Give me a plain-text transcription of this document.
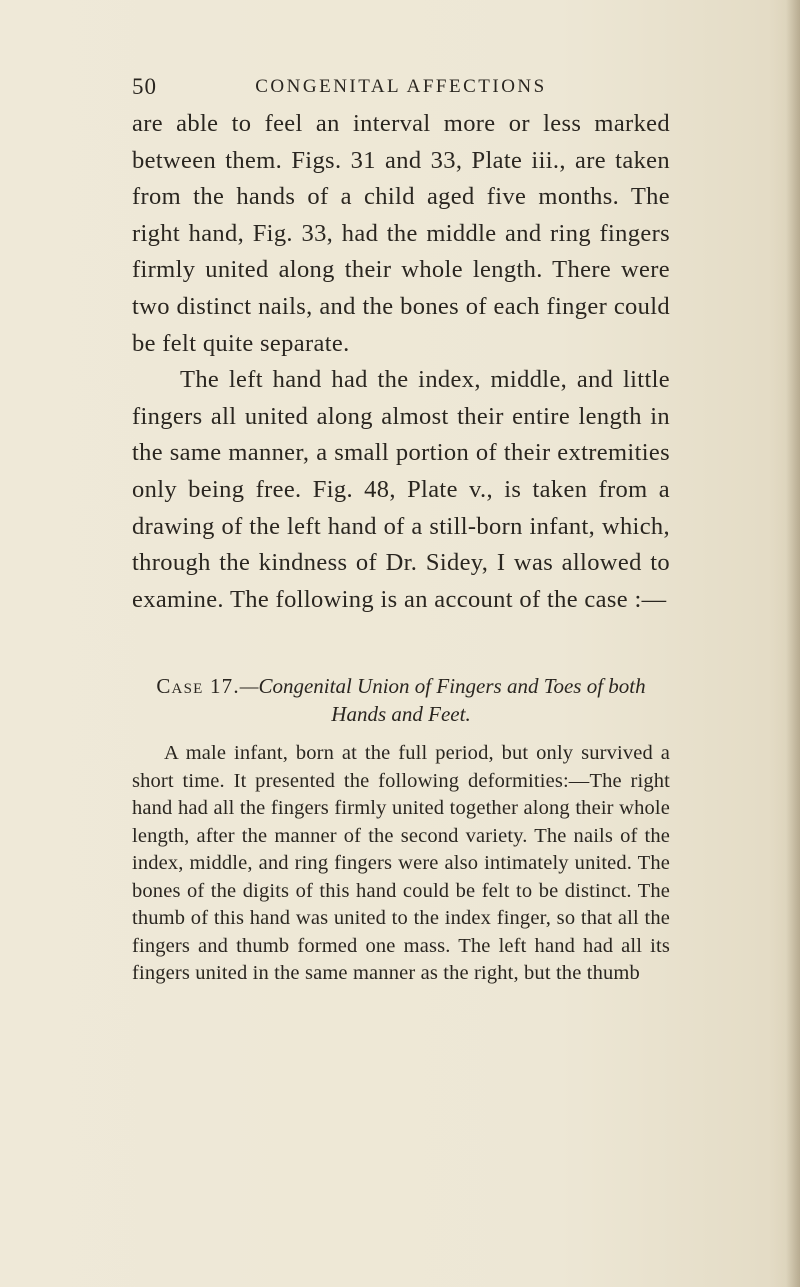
50	CONGENITAL AFFECTIONS

are able to feel an interval more or less marked between them. Figs. 31 and 33, Plate iii., are taken from the hands of a child aged five months. The right hand, Fig. 33, had the middle and ring fingers firmly united along their whole length. There were two distinct nails, and the bones of each finger could be felt quite separate.

The left hand had the index, middle, and little fingers all united along almost their entire length in the same manner, a small portion of their extremities only being free. Fig. 48, Plate v., is taken from a drawing of the left hand of a still-born infant, which, through the kindness of Dr. Sidey, I was allowed to examine. The following is an account of the case :—

Case 17.—Congenital Union of Fingers and Toes of both Hands and Feet.

A male infant, born at the full period, but only survived a short time. It presented the following deformities:—The right hand had all the fingers firmly united together along their whole length, after the manner of the second variety. The nails of the index, middle, and ring fingers were also intimately united. The bones of the digits of this hand could be felt to be distinct. The thumb of this hand was united to the index finger, so that all the fingers and thumb formed one mass. The left hand had all its fingers united in the same manner as the right, but the thumb
